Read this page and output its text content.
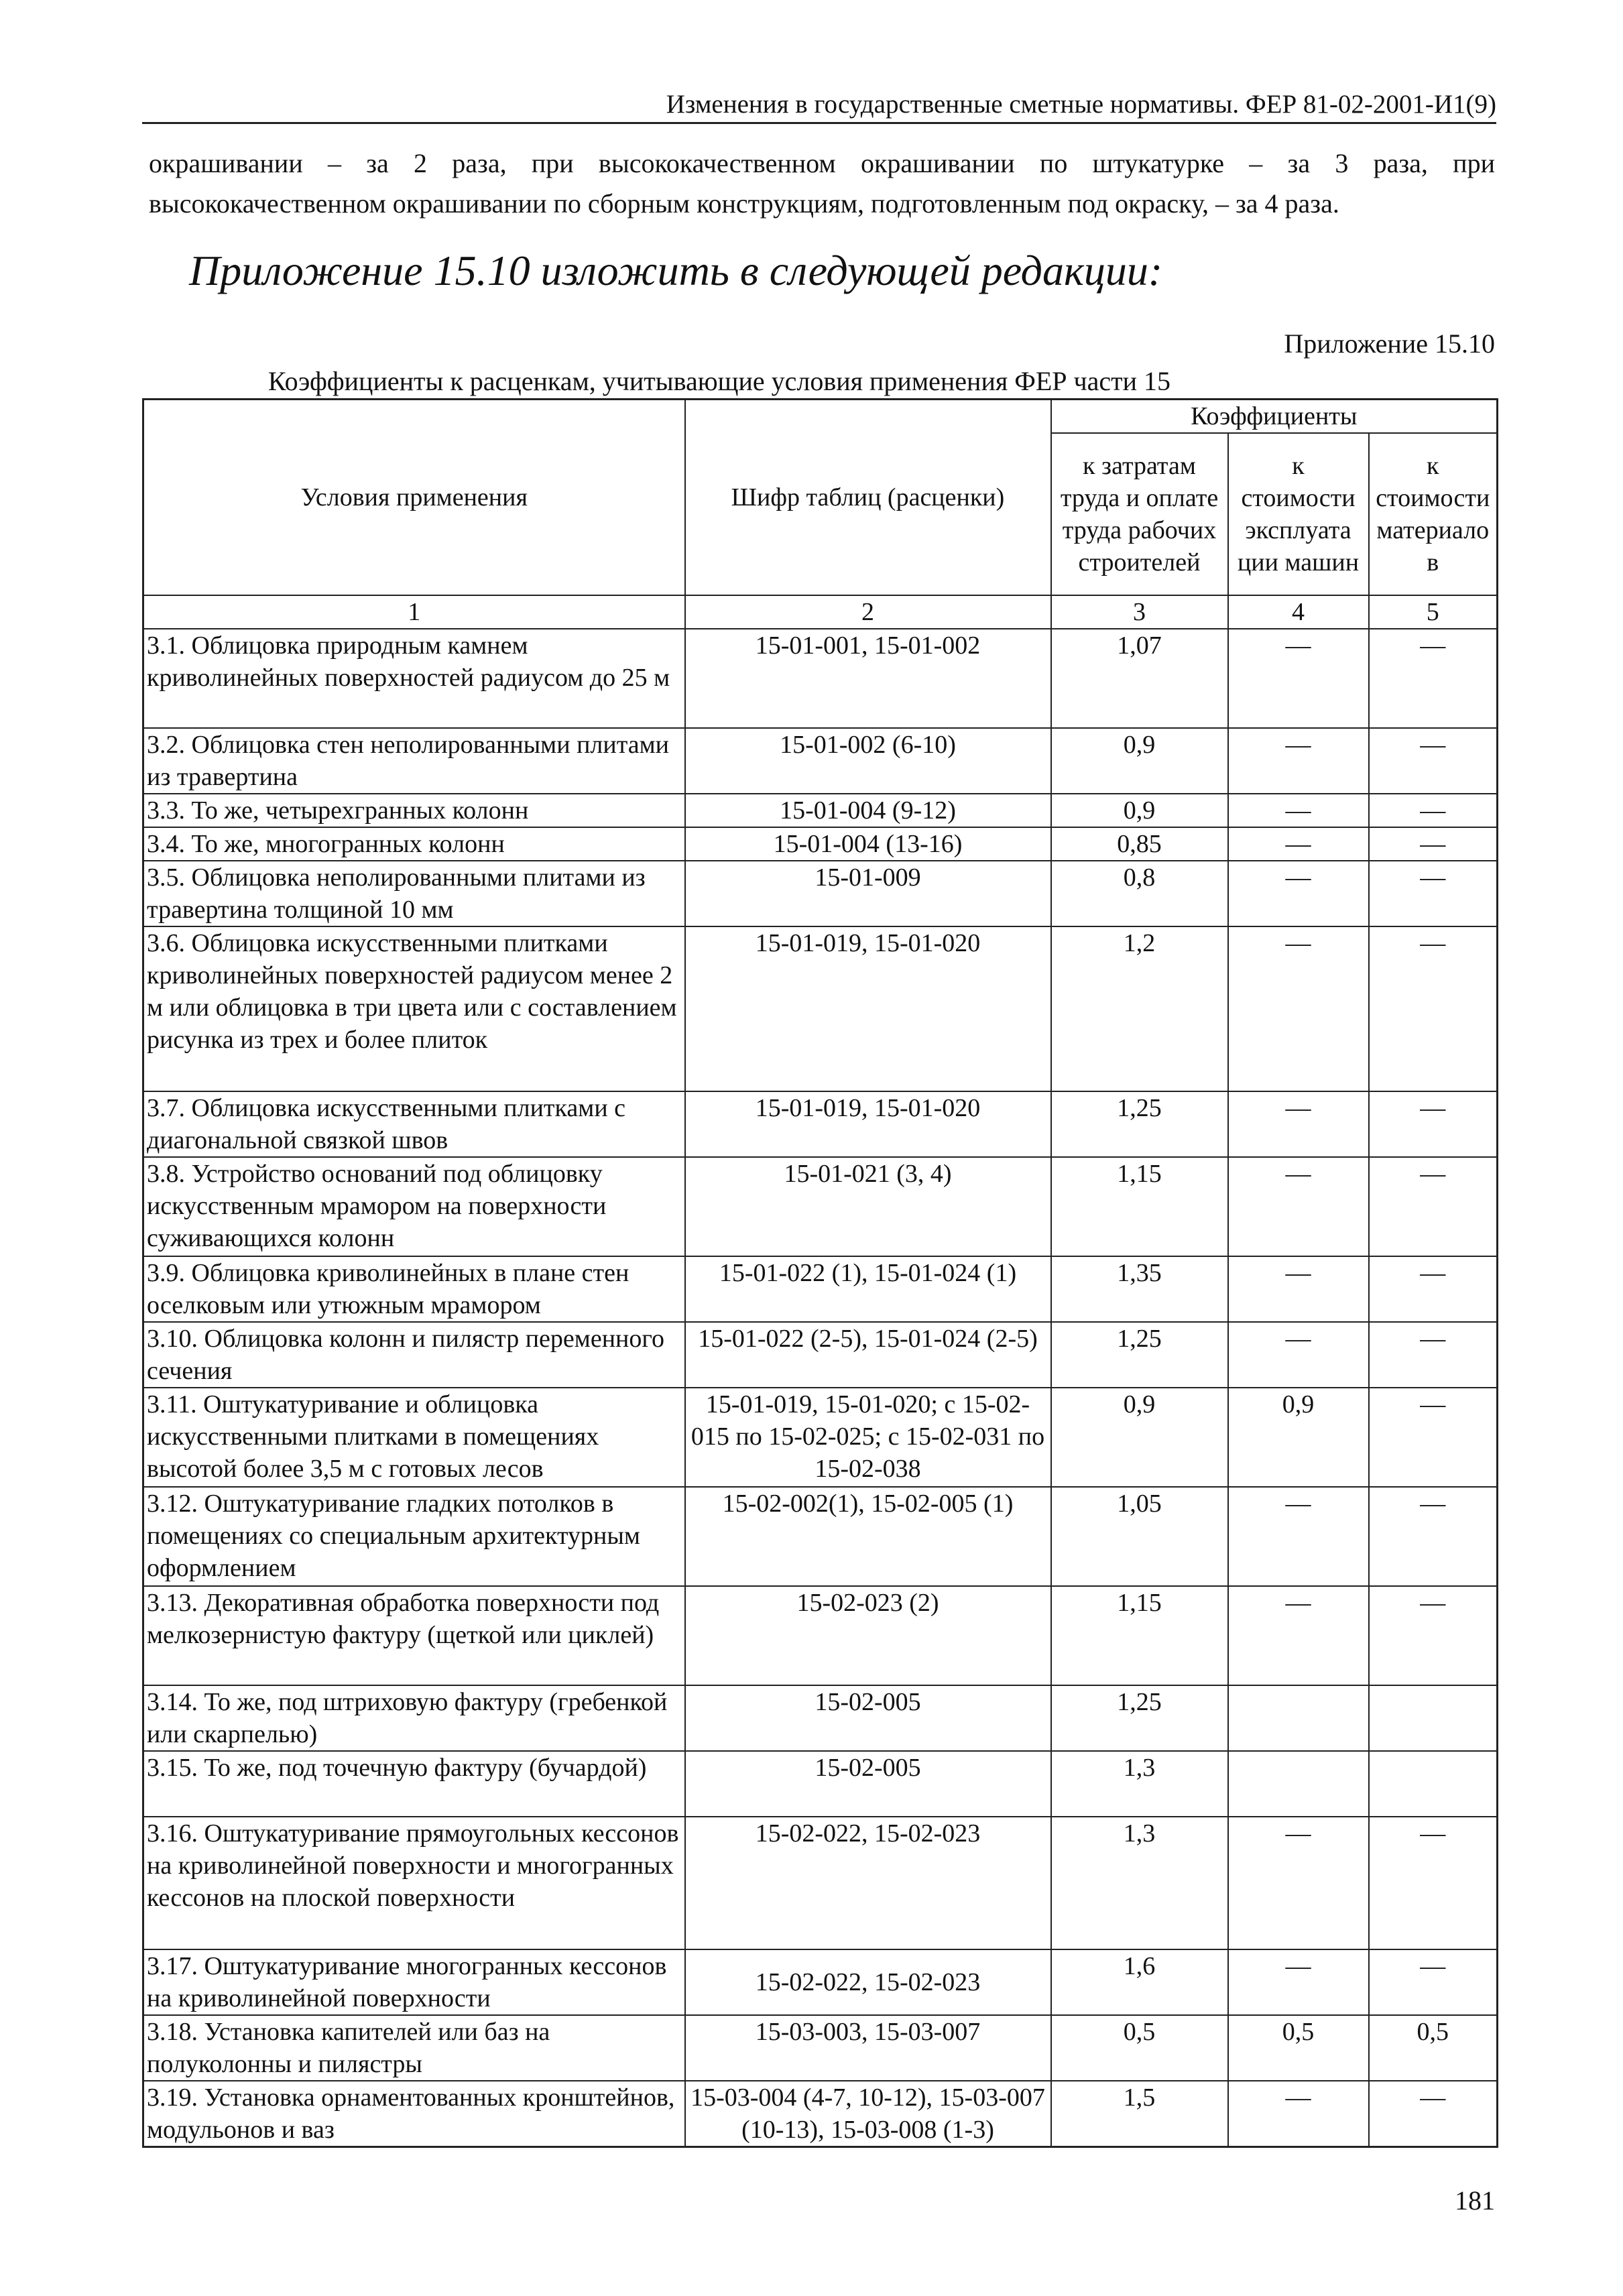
Изменения в государственные сметные нормативы. ФЕР 81-02-2001-И1(9)
окрашивании – за 2 раза, при высококачественном окрашивании по штукатурке – за 3 раза, при
высококачественном окрашивании по сборным конструкциям, подготовленным под окраску, – за 4 раза.
Приложение 15.10 изложить в следующей редакции:
Приложение 15.10
Коэффициенты к расценкам, учитывающие условия применения ФЕР части 15
Условия применения	Шифр таблиц (расценки)	Коэффициенты		
		к затратам труда и оплате труда рабочих строителей	к стоимости эксплуата ции машин	к стоимости материало в
1	2	3	4	5
3.1. Облицовка природным камнем криволинейных поверхностей радиусом до 25 м	15-01-001, 15-01-002	1,07	—	—
3.2. Облицовка стен неполированными плитами из травертина	15-01-002 (6-10)	0,9	—	—
3.3. То же, четырехгранных колонн	15-01-004 (9-12)	0,9	—	—
3.4. То же, многогранных колонн	15-01-004 (13-16)	0,85	—	—
3.5. Облицовка неполированными плитами из травертина толщиной 10 мм	15-01-009	0,8	—	—
3.6. Облицовка искусственными плитками криволинейных поверхностей радиусом менее 2 м или облицовка в три цвета или с составлением рисунка из трех и более плиток	15-01-019, 15-01-020	1,2	—	—
3.7. Облицовка искусственными плитками с диагональной связкой швов	15-01-019, 15-01-020	1,25	—	—
3.8. Устройство оснований под облицовку искусственным мрамором на поверхности суживающихся колонн	15-01-021 (3, 4)	1,15	—	—
3.9. Облицовка криволинейных в плане стен оселковым или утюжным мрамором	15-01-022 (1), 15-01-024 (1)	1,35	—	—
3.10. Облицовка колонн и пилястр переменного сечения	15-01-022 (2-5), 15-01-024 (2-5)	1,25	—	—
3.11. Оштукатуривание и облицовка искусственными плитками в помещениях высотой более 3,5 м с готовых лесов	15-01-019, 15-01-020; с 15-02-015 по 15-02-025; с 15-02-031 по 15-02-038	0,9	0,9	—
3.12. Оштукатуривание гладких потолков в помещениях со специальным архитектурным оформлением	15-02-002(1), 15-02-005 (1)	1,05	—	—
3.13. Декоративная обработка поверхности под мелкозернистую фактуру (щеткой или циклей)	15-02-023 (2)	1,15	—	—
3.14. То же, под штриховую фактуру (гребенкой или скарпелью)	15-02-005	1,25		
3.15. То же, под точечную фактуру (бучардой)	15-02-005	1,3		
3.16. Оштукатуривание прямоугольных кессонов на криволинейной поверхности и многогранных кессонов на плоской поверхности	15-02-022, 15-02-023	1,3	—	—
3.17. Оштукатуривание многогранных кессонов на криволинейной поверхности	15-02-022, 15-02-023	1,6	—	—
3.18. Установка капителей или баз на полуколонны и пилястры	15-03-003, 15-03-007	0,5	0,5	0,5
3.19. Установка орнаментованных кронштейнов, модульонов и ваз	15-03-004 (4-7, 10-12), 15-03-007 (10-13), 15-03-008 (1-3)	1,5	—	—
181
